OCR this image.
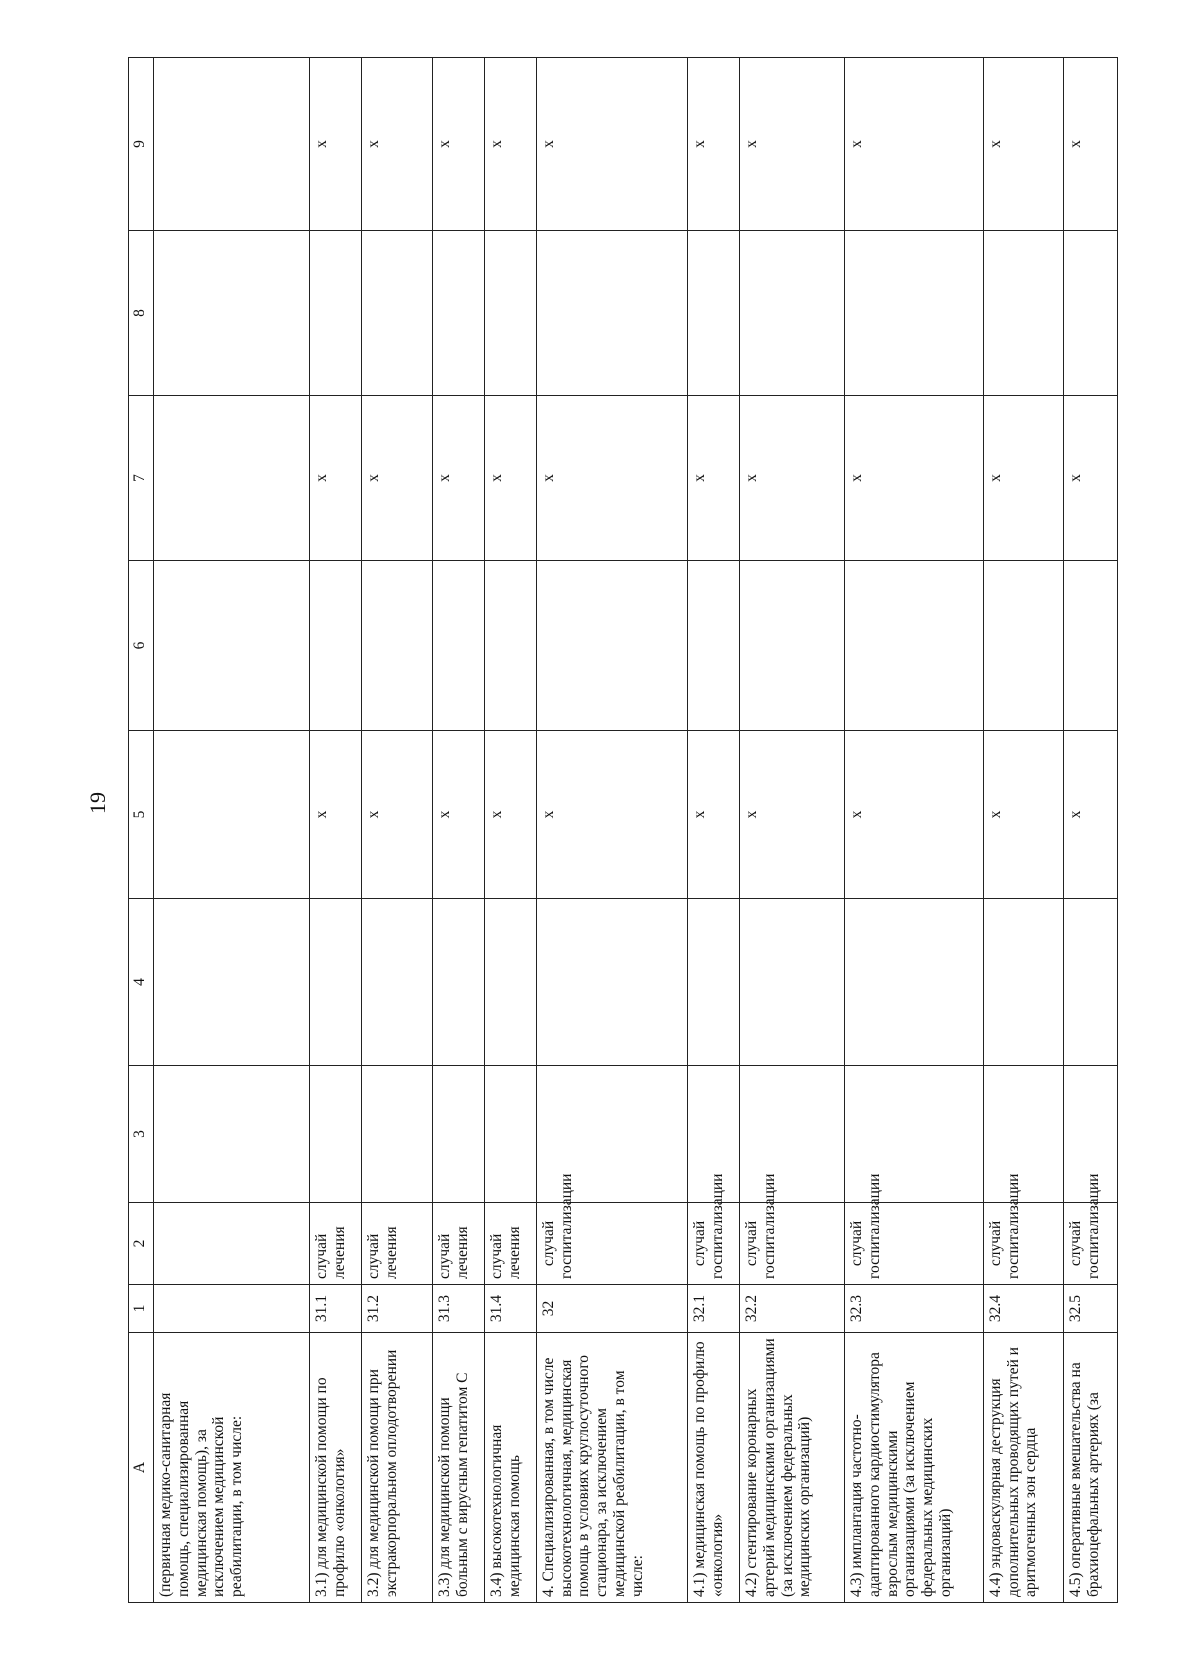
19
А	1	2	3	4	5	6	7	8	9
(первичная медико-санитарная помощь, специализированная медицинская помощь), за исключением медицинской реабилитации, в том числе:									
3.1) для медицинской помощи по профилю «онкология»	31.1	случай лечения			х		х		х
3.2) для медицинской помощи при экстракорпоральном оплодотворении	31.2	случай лечения			х		х		х
3.3) для медицинской помощи больным с вирусным гепатитом С	31.3	случай лечения			х		х		х
3.4) высокотехнологичная медицинская помощь	31.4	случай лечения			х		х		х
4. Специализированная, в том числе высокотехнологичная, медицинская помощь в условиях круглосуточного стационара, за исключением медицинской реабилитации, в том числе:	32	случай госпитализации			х		х		х
4.1) медицинская помощь по профилю «онкология»	32.1	случай госпитализации			х		х		х
4.2) стентирование коронарных артерий медицинскими организациями (за исключением федеральных медицинских организаций)	32.2	случай госпитализации			х		х		х
4.3) имплантация частотно-адаптированного кардиостимулятора взрослым медицинскими организациями (за исключением федеральных медицинских организаций)	32.3	случай госпитализации			х		х		х
4.4) эндоваскулярная деструкция дополнительных проводящих путей и аритмогенных зон сердца	32.4	случай госпитализации			х		х		х
4.5) оперативные вмешательства на брахиоцефальных артериях (за	32.5	случай госпитализации			х		х		х
